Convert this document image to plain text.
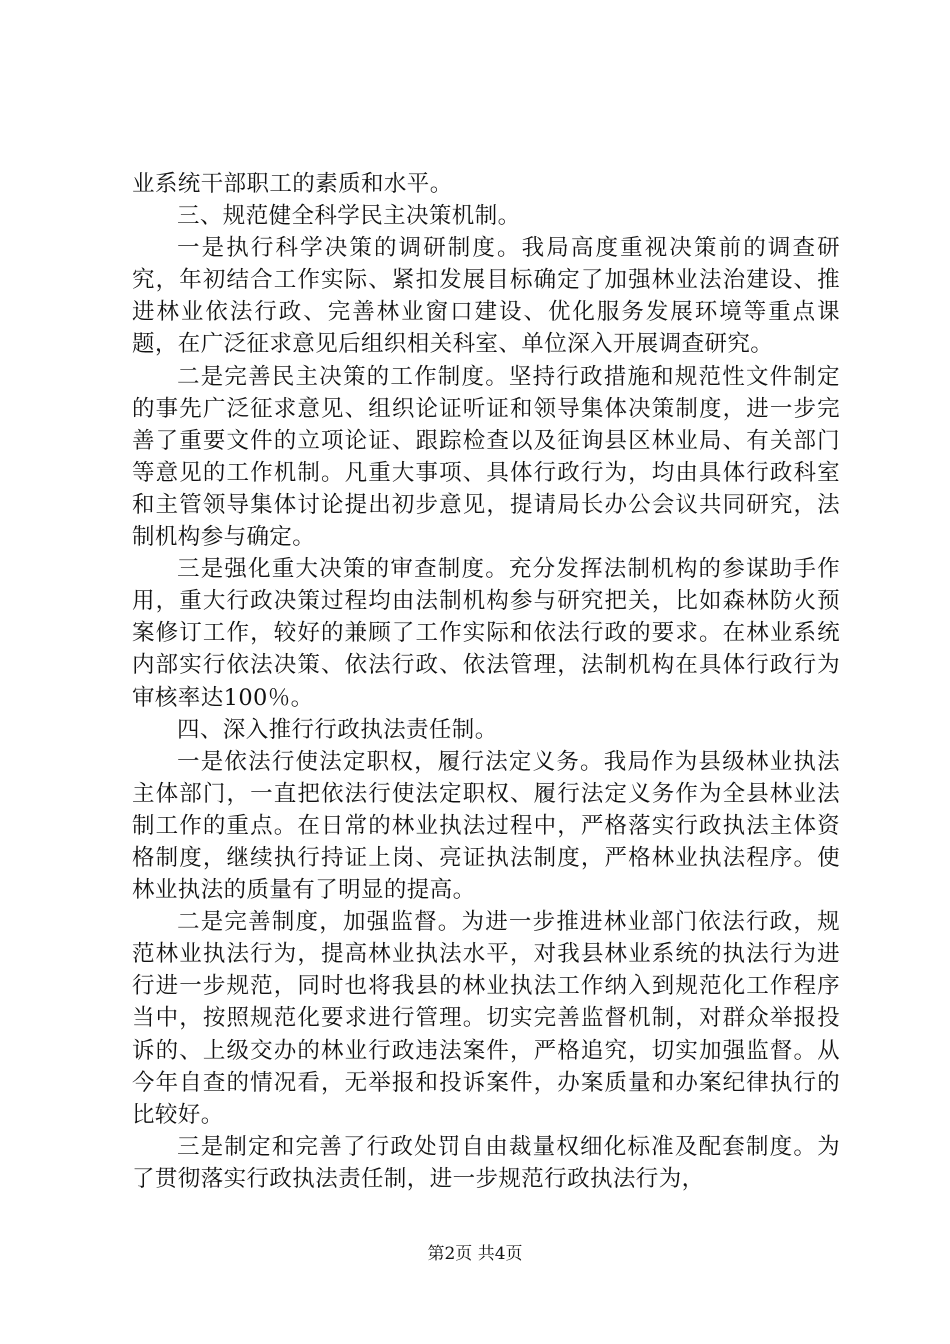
业系统干部职工的素质和水平。

三、规范健全科学民主决策机制。

一是执行科学决策的调研制度。我局高度重视决策前的调查研究，年初结合工作实际、紧扣发展目标确定了加强林业法治建设、推进林业依法行政、完善林业窗口建设、优化服务发展环境等重点课题，在广泛征求意见后组织相关科室、单位深入开展调查研究。

二是完善民主决策的工作制度。坚持行政措施和规范性文件制定的事先广泛征求意见、组织论证听证和领导集体决策制度，进一步完善了重要文件的立项论证、跟踪检查以及征询县区林业局、有关部门等意见的工作机制。凡重大事项、具体行政行为，均由具体行政科室和主管领导集体讨论提出初步意见，提请局长办公会议共同研究，法制机构参与确定。

三是强化重大决策的审查制度。充分发挥法制机构的参谋助手作用，重大行政决策过程均由法制机构参与研究把关，比如森林防火预案修订工作，较好的兼顾了工作实际和依法行政的要求。在林业系统内部实行依法决策、依法行政、依法管理，法制机构在具体行政行为审核率达100％。

四、深入推行行政执法责任制。

一是依法行使法定职权，履行法定义务。我局作为县级林业执法主体部门，一直把依法行使法定职权、履行法定义务作为全县林业法制工作的重点。在日常的林业执法过程中，严格落实行政执法主体资格制度，继续执行持证上岗、亮证执法制度，严格林业执法程序。使林业执法的质量有了明显的提高。

二是完善制度，加强监督。为进一步推进林业部门依法行政，规范林业执法行为，提高林业执法水平，对我县林业系统的执法行为进行进一步规范，同时也将我县的林业执法工作纳入到规范化工作程序当中，按照规范化要求进行管理。切实完善监督机制，对群众举报投诉的、上级交办的林业行政违法案件，严格追究，切实加强监督。从今年自查的情况看，无举报和投诉案件，办案质量和办案纪律执行的比较好。

三是制定和完善了行政处罚自由裁量权细化标准及配套制度。为了贯彻落实行政执法责任制，进一步规范行政执法行为，

第2页 共4页
